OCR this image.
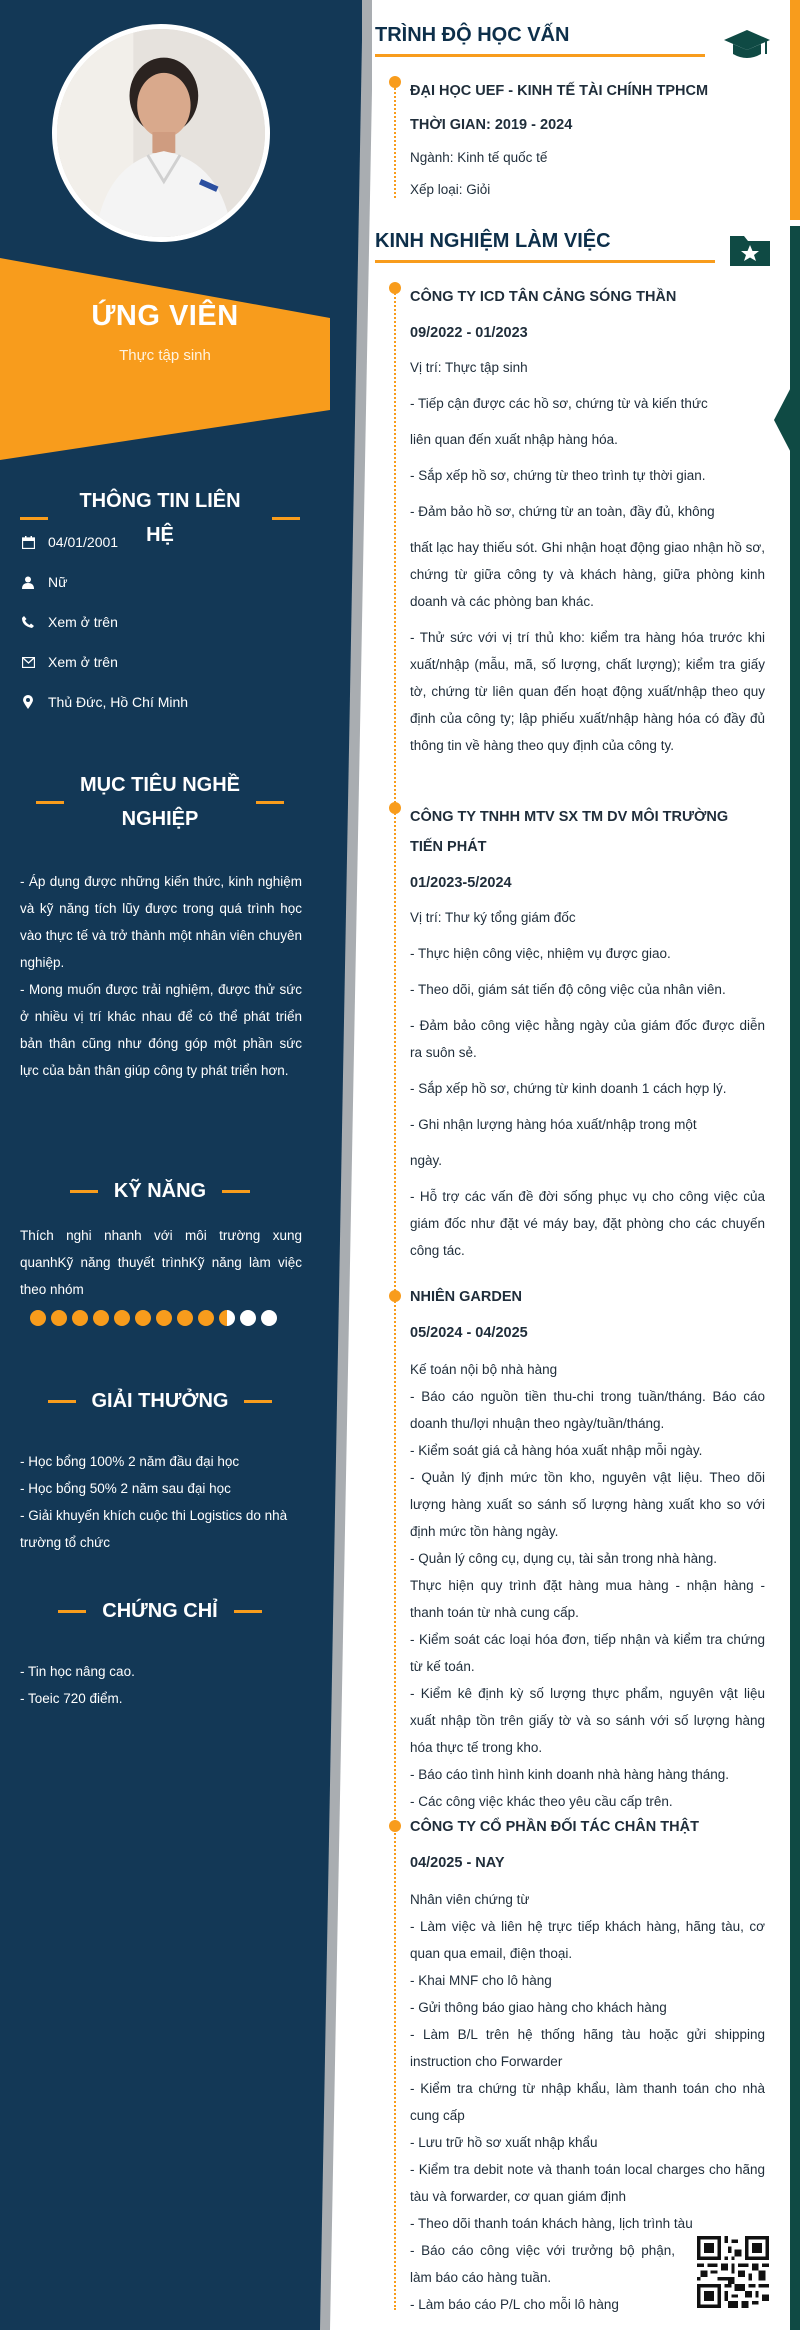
ỨNG VIÊN
Thực tập sinh
THÔNG TIN LIÊN HỆ
04/01/2001
Nữ
Xem ở trên
Xem ở trên
Thủ Đức, Hồ Chí Minh
MỤC TIÊU NGHỀ
NGHIỆP
- Áp dụng được những kiến thức, kinh nghiệm và kỹ năng tích lũy được trong quá trình học vào thực tế và trở thành một nhân viên chuyên nghiệp.
- Mong muốn được trải nghiệm, được thử sức ở nhiều vị trí khác nhau để có thể phát triển bản thân cũng như đóng góp một phần sức lực của bản thân giúp công ty phát triển hơn.
KỸ NĂNG
Thích nghi nhanh với môi trường xung quanhKỹ năng thuyết trìnhKỹ năng làm việc theo nhóm
GIẢI THƯỞNG
- Học bổng 100% 2 năm đầu đại học
- Học bổng 50% 2 năm sau đại học
- Giải khuyến khích cuộc thi Logistics do nhà trường tổ chức
CHỨNG CHỈ
- Tin học nâng cao.
- Toeic 720 điểm.
TRÌNH ĐỘ HỌC VẤN
ĐẠI HỌC UEF - KINH TẾ TÀI CHÍNH TPHCM
THỜI GIAN: 2019 - 2024

Ngành: Kinh tế quốc tế

Xếp loại: Giỏi

KINH NGHIỆM LÀM VIỆC
CÔNG TY ICD TÂN CẢNG SÓNG THẦN
09/2022 - 01/2023

Vị trí: Thực tập sinh

- Tiếp cận được các hồ sơ, chứng từ và kiến thức

liên quan đến xuất nhập hàng hóa.

- Sắp xếp hồ sơ, chứng từ theo trình tự thời gian.

- Đảm bảo hồ sơ, chứng từ an toàn, đầy đủ, không

thất lạc hay thiếu sót. Ghi nhận hoạt động giao nhận hồ sơ, chứng từ giữa công ty và khách hàng, giữa phòng kinh doanh và các phòng ban khác.

- Thử sức với vị trí thủ kho: kiểm tra hàng hóa trước khi xuất/nhập (mẫu, mã, số lượng, chất lượng); kiểm tra giấy tờ, chứng từ liên quan đến hoạt động xuất/nhập theo quy định của công ty; lập phiếu xuất/nhập hàng hóa có đầy đủ thông tin về hàng theo quy định của công ty.

CÔNG TY TNHH MTV SX TM DV MÔI TRƯỜNG TIẾN PHÁT
01/2023-5/2024

Vị trí: Thư ký tổng giám đốc

- Thực hiện công việc, nhiệm vụ được giao.

- Theo dõi, giám sát tiến độ công việc của nhân viên.

- Đảm bảo công việc hằng ngày của giám đốc được diễn ra suôn sẻ.

- Sắp xếp hồ sơ, chứng từ kinh doanh 1 cách hợp lý.

- Ghi nhận lượng hàng hóa xuất/nhập trong một

ngày.

- Hỗ trợ các vấn đề đời sống phục vụ cho công việc của giám đốc như đặt vé máy bay, đặt phòng cho các chuyến công tác.

NHIÊN GARDEN
05/2024 - 04/2025

Kế toán nội bộ nhà hàng

- Báo cáo nguồn tiền thu-chi trong tuần/tháng. Báo cáo doanh thu/lợi nhuận theo ngày/tuần/tháng.

- Kiểm soát giá cả hàng hóa xuất nhập mỗi ngày.

- Quản lý định mức tồn kho, nguyên vật liệu. Theo dõi lượng hàng xuất so sánh số lượng hàng xuất kho so với định mức tồn hàng ngày.

- Quản lý công cụ, dụng cụ, tài sản trong nhà hàng.

Thực hiện quy trình đặt hàng mua hàng - nhận hàng - thanh toán từ nhà cung cấp.

- Kiểm soát các loại hóa đơn, tiếp nhận và kiểm tra chứng từ kế toán.

- Kiểm kê định kỳ số lượng thực phẩm, nguyên vật liệu xuất nhập tồn trên giấy tờ và so sánh với số lượng hàng hóa thực tế trong kho.

- Báo cáo tình hình kinh doanh nhà hàng hàng tháng.

- Các công việc khác theo yêu cầu cấp trên.

CÔNG TY CỔ PHẦN ĐỐI TÁC CHÂN THẬT
04/2025 - NAY

Nhân viên chứng từ

- Làm việc và liên hệ trực tiếp khách hàng, hãng tàu, cơ quan qua email, điện thoại.

- Khai MNF cho lô hàng

- Gửi thông báo giao hàng cho khách hàng

- Làm B/L trên hệ thống hãng tàu hoặc gửi shipping instruction cho Forwarder

- Kiểm tra chứng từ nhập khẩu, làm thanh toán cho nhà cung cấp

- Lưu trữ hồ sơ xuất nhập khẩu

- Kiểm tra debit note và thanh toán local charges cho hãng tàu và forwarder, cơ quan giám định

- Theo dõi thanh toán khách hàng, lịch trình tàu

- Báo cáo công việc với trưởng bộ phận, làm báo cáo hàng tuần.

- Làm báo cáo P/L cho mỗi lô hàng
